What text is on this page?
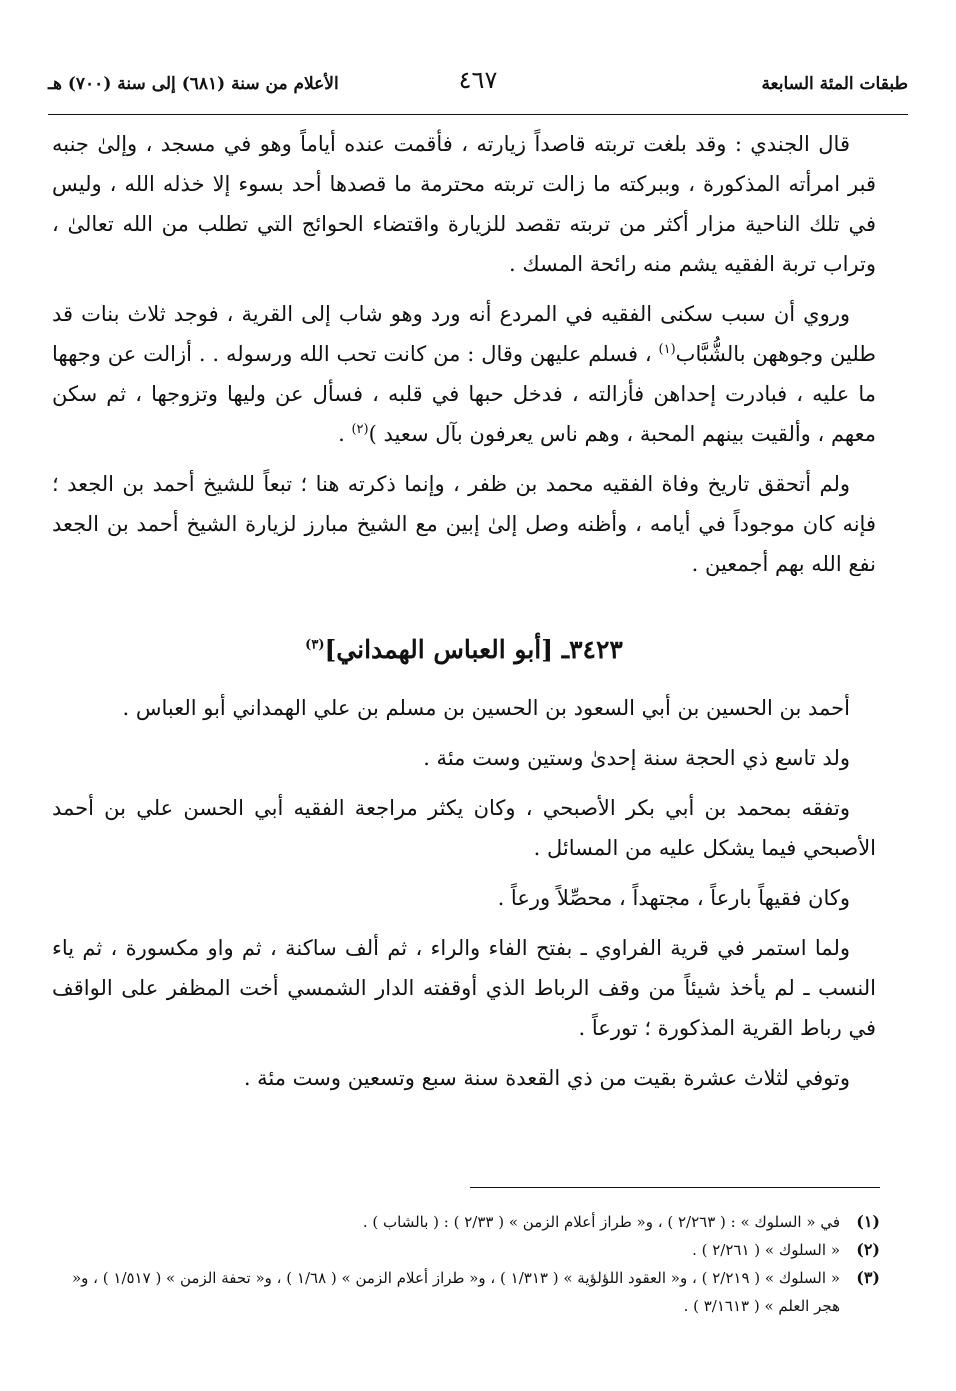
طبقات المئة السابعة
٤٦٧
الأعلام من سنة (٦٨١) إلى سنة (٧٠٠) هـ

قال الجندي : وقد بلغت تربته قاصداً زيارته ، فأقمت عنده أياماً وهو في مسجد ، وإلىٰ جنبه قبر امرأته المذكورة ، وببركته ما زالت تربته محترمة ما قصدها أحد بسوء إلا خذله الله ، وليس في تلك الناحية مزار أكثر من تربته تقصد للزيارة واقتضاء الحوائج التي تطلب من الله تعالىٰ ، وتراب تربة الفقيه يشم منه رائحة المسك .

وروي أن سبب سكنى الفقيه في المردع أنه ورد وهو شاب إلى القرية ، فوجد ثلاث بنات قد طلين وجوههن بالشُّبَّاب$^{(١)}$ ، فسلم عليهن وقال : من كانت تحب الله ورسوله . . أزالت عن وجهها ما عليه ، فبادرت إحداهن فأزالته ، فدخل حبها في قلبه ، فسأل عن وليها وتزوجها ، ثم سكن معهم ، وألقيت بينهم المحبة ، وهم ناس يعرفون بآل سعيد )$^{(٢)}$ .

ولم أتحقق تاريخ وفاة الفقيه محمد بن ظفر ، وإنما ذكرته هنا ؛ تبعاً للشيخ أحمد بن الجعد ؛ فإنه كان موجوداً في أيامه ، وأظنه وصل إلىٰ إبين مع الشيخ مبارز لزيارة الشيخ أحمد بن الجعد نفع الله بهم أجمعين .

٣٤٢٣ـ [أبو العباس الهمداني]$^{(٣)}$

أحمد بن الحسين بن أبي السعود بن الحسين بن مسلم بن علي الهمداني أبو العباس .

ولد تاسع ذي الحجة سنة إحدىٰ وستين وست مئة .

وتفقه بمحمد بن أبي بكر الأصبحي ، وكان يكثر مراجعة الفقيه أبي الحسن علي بن أحمد الأصبحي فيما يشكل عليه من المسائل .

وكان فقيهاً بارعاً ، مجتهداً ، محصِّلاً ورعاً .

ولما استمر في قرية الفراوي ـ بفتح الفاء والراء ، ثم ألف ساكنة ، ثم واو مكسورة ، ثم ياء النسب ـ لم يأخذ شيئاً من وقف الرباط الذي أوقفته الدار الشمسي أخت المظفر على الواقف في رباط القرية المذكورة ؛ تورعاً .

وتوفي لثلاث عشرة بقيت من ذي القعدة سنة سبع وتسعين وست مئة .

(١)
في « السلوك » : ( ٢/٢٦٣ ) ، و« طراز أعلام الزمن » ( ٢/٣٣ ) : ( بالشاب ) .
(٢)
« السلوك » ( ٢/٢٦١ ) .
(٣)
« السلوك » ( ٢/٢١٩ ) ، و« العقود اللؤلؤية » ( ١/٣١٣ ) ، و« طراز أعلام الزمن » ( ١/٦٨ ) ، و« تحفة الزمن » ( ١/٥١٧ ) ، و« هجر العلم » ( ٣/١٦١٣ ) .
